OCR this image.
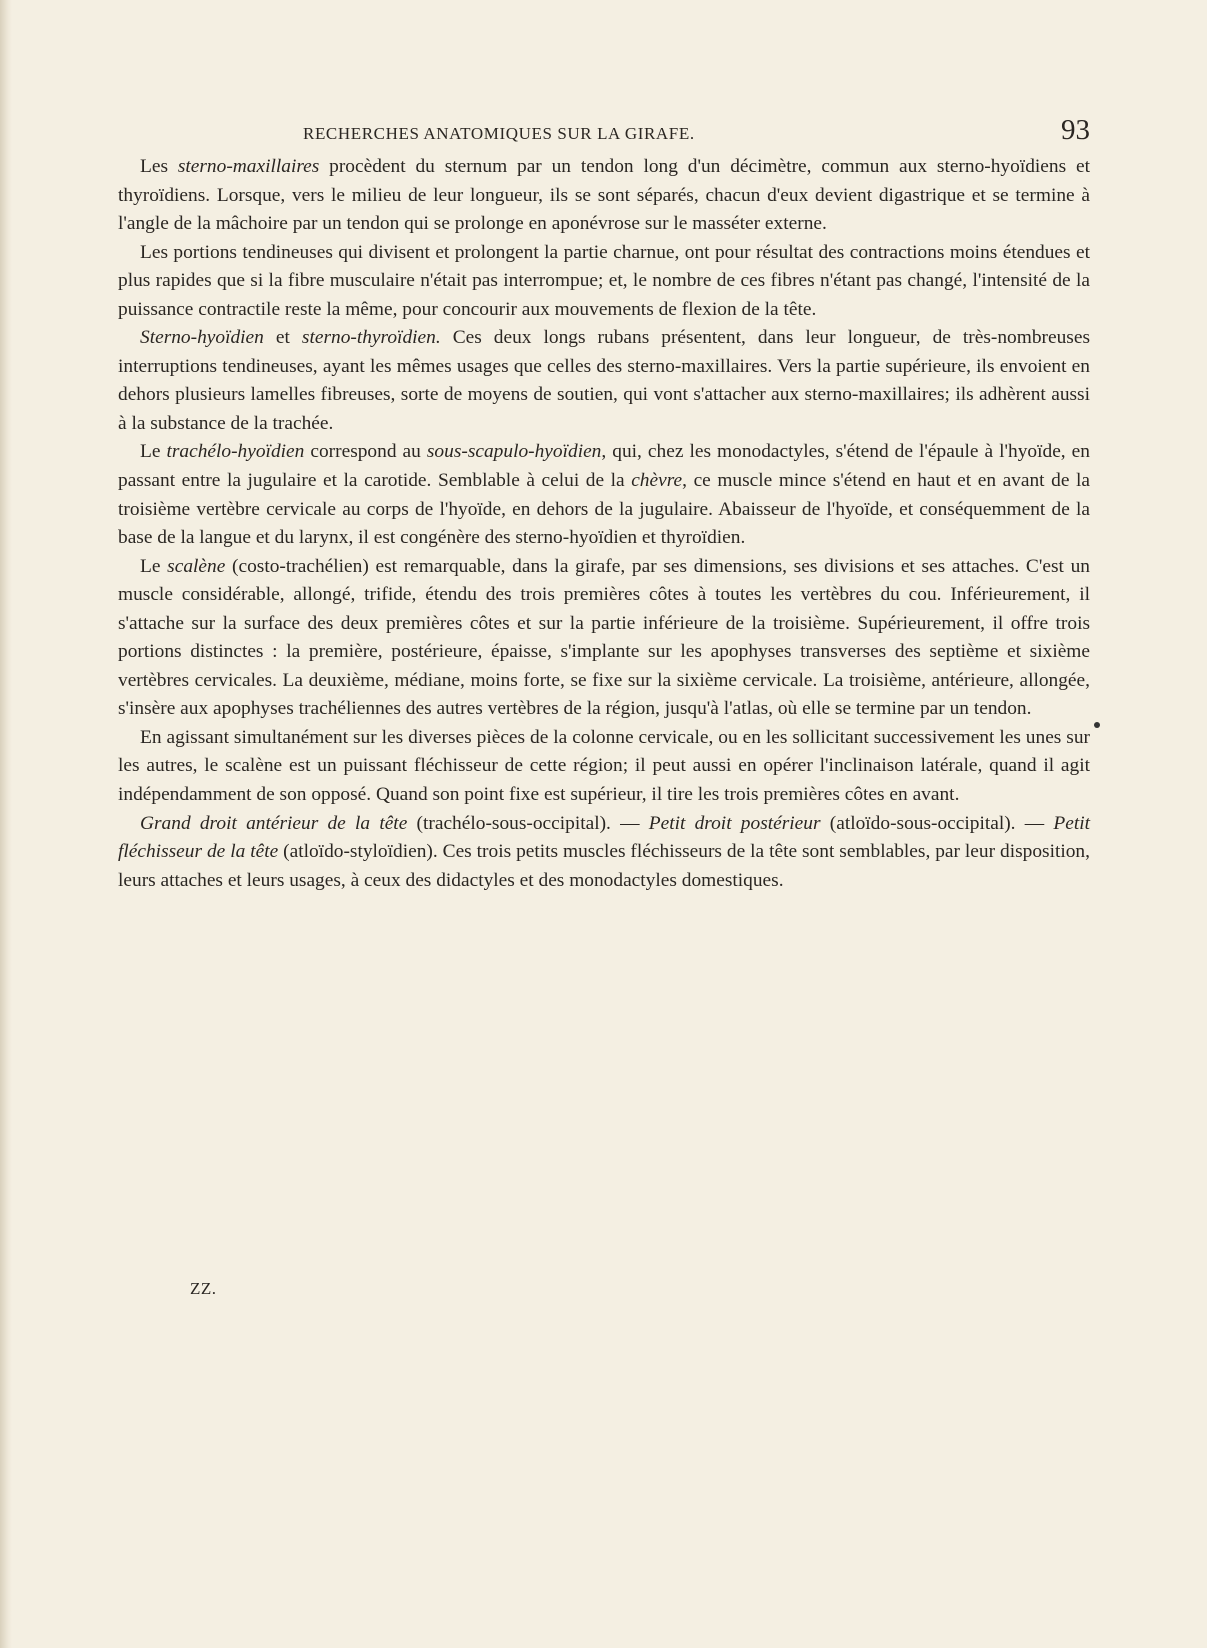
RECHERCHES ANATOMIQUES SUR LA GIRAFE.	93

Les sterno-maxillaires procèdent du sternum par un tendon long d'un décimètre, commun aux sterno-hyoïdiens et thyroïdiens. Lorsque, vers le milieu de leur longueur, ils se sont séparés, chacun d'eux devient digastrique et se termine à l'angle de la mâchoire par un tendon qui se prolonge en aponévrose sur le masséter externe.

Les portions tendineuses qui divisent et prolongent la partie charnue, ont pour résultat des contractions moins étendues et plus rapides que si la fibre musculaire n'était pas interrompue; et, le nombre de ces fibres n'étant pas changé, l'intensité de la puissance contractile reste la même, pour concourir aux mouvements de flexion de la tête.

Sterno-hyoïdien et sterno-thyroïdien. Ces deux longs rubans présentent, dans leur longueur, de très-nombreuses interruptions tendineuses, ayant les mêmes usages que celles des sterno-maxillaires. Vers la partie supérieure, ils envoient en dehors plusieurs lamelles fibreuses, sorte de moyens de soutien, qui vont s'attacher aux sterno-maxillaires; ils adhèrent aussi à la substance de la trachée.

Le trachélo-hyoïdien correspond au sous-scapulo-hyoïdien, qui, chez les monodactyles, s'étend de l'épaule à l'hyoïde, en passant entre la jugulaire et la carotide. Semblable à celui de la chèvre, ce muscle mince s'étend en haut et en avant de la troisième vertèbre cervicale au corps de l'hyoïde, en dehors de la jugulaire. Abaisseur de l'hyoïde, et conséquemment de la base de la langue et du larynx, il est congénère des sterno-hyoïdien et thyroïdien.

Le scalène (costo-trachélien) est remarquable, dans la girafe, par ses dimensions, ses divisions et ses attaches. C'est un muscle considérable, allongé, trifide, étendu des trois premières côtes à toutes les vertèbres du cou. Inférieurement, il s'attache sur la surface des deux premières côtes et sur la partie inférieure de la troisième. Supérieurement, il offre trois portions distinctes : la première, postérieure, épaisse, s'implante sur les apophyses transverses des septième et sixième vertèbres cervicales. La deuxième, médiane, moins forte, se fixe sur la sixième cervicale. La troisième, antérieure, allongée, s'insère aux apophyses trachéliennes des autres vertèbres de la région, jusqu'à l'atlas, où elle se termine par un tendon.

En agissant simultanément sur les diverses pièces de la colonne cervicale, ou en les sollicitant successivement les unes sur les autres, le scalène est un puissant fléchisseur de cette région; il peut aussi en opérer l'inclinaison latérale, quand il agit indépendamment de son opposé. Quand son point fixe est supérieur, il tire les trois premières côtes en avant.

Grand droit antérieur de la tête (trachélo-sous-occipital). — Petit droit postérieur (atloïdo-sous-occipital). — Petit fléchisseur de la tête (atloïdo-styloïdien). Ces trois petits muscles fléchisseurs de la tête sont semblables, par leur disposition, leurs attaches et leurs usages, à ceux des didactyles et des monodactyles domestiques.

ZZ.
